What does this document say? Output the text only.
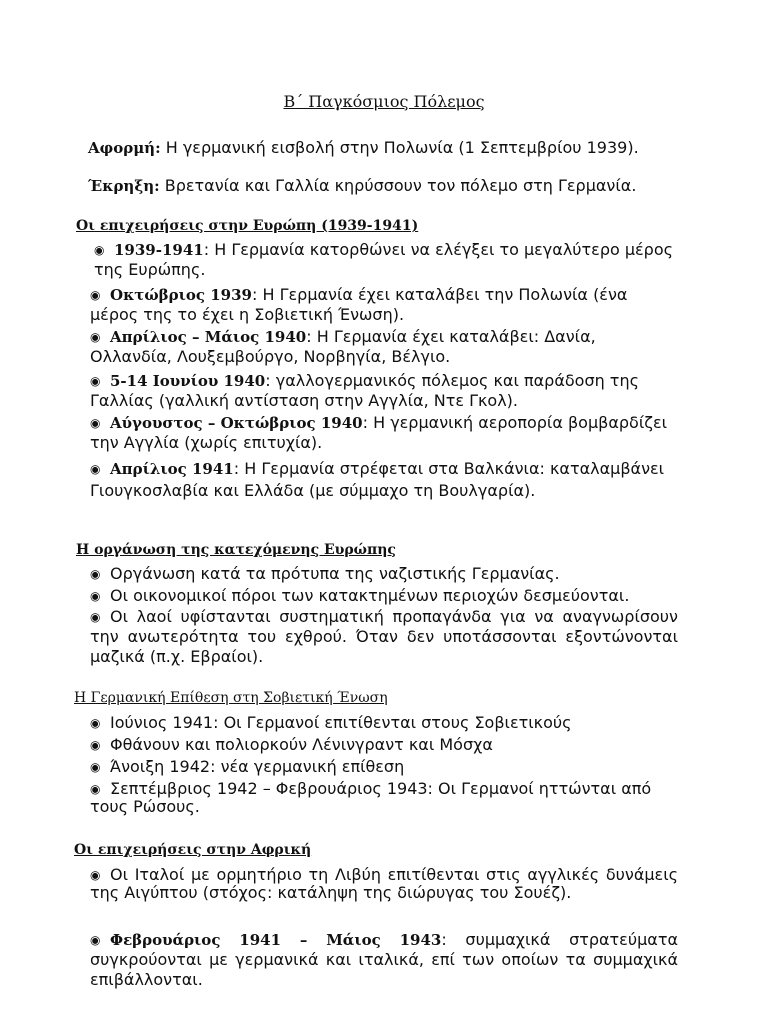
Β΄ Παγκόσμιος Πόλεμος
Αφορμή: Η γερμανική εισβολή στην Πολωνία (1 Σεπτεμβρίου 1939).
Έκρηξη: Βρετανία και Γαλλία κηρύσσουν τον πόλεμο στη Γερμανία.
Οι επιχειρήσεις στην Ευρώπη (1939-1941)
◉ 1939-1941: Η Γερμανία κατορθώνει να ελέγξει το μεγαλύτερο μέρος της Ευρώπης.
◉ Οκτώβριος 1939: Η Γερμανία έχει καταλάβει την Πολωνία (ένα μέρος της το έχει η Σοβιετική Ένωση).
◉ Απρίλιος – Μάιος 1940: Η Γερμανία έχει καταλάβει: Δανία, Ολλανδία, Λουξεμβούργο, Νορβηγία, Βέλγιο.
◉ 5-14 Ιουνίου 1940: γαλλογερμανικός πόλεμος και παράδοση της Γαλλίας (γαλλική αντίσταση στην Αγγλία, Ντε Γκολ).
◉ Αύγουστος – Οκτώβριος 1940: Η γερμανική αεροπορία βομβαρδίζει την Αγγλία (χωρίς επιτυχία).
◉ Απρίλιος 1941: Η Γερμανία στρέφεται στα Βαλκάνια: καταλαμβάνει Γιουγκοσλαβία και Ελλάδα (με σύμμαχο τη Βουλγαρία).
Η οργάνωση της κατεχόμενης Ευρώπης
◉ Οργάνωση κατά τα πρότυπα της ναζιστικής Γερμανίας.
◉ Οι οικονομικοί πόροι των κατακτημένων περιοχών δεσμεύονται.
◉ Οι λαοί υφίστανται συστηματική προπαγάνδα για να αναγνωρίσουν την ανωτερότητα του εχθρού. Όταν δεν υποτάσσονται εξοντώνονται μαζικά (π.χ. Εβραίοι).
Η Γερμανική Επίθεση στη Σοβιετική Ένωση
◉ Ιούνιος 1941: Οι Γερμανοί επιτίθενται στους Σοβιετικούς
◉ Φθάνουν και πολιορκούν Λένινγραντ και Μόσχα
◉ Άνοιξη 1942: νέα γερμανική επίθεση
◉ Σεπτέμβριος 1942 – Φεβρουάριος 1943: Οι Γερμανοί ηττώνται από τους Ρώσους.
Οι επιχειρήσεις στην Αφρική
◉ Οι Ιταλοί με ορμητήριο τη Λιβύη επιτίθενται στις αγγλικές δυνάμεις της Αιγύπτου (στόχος: κατάληψη της διώρυγας του Σουέζ).
◉ Φεβρουάριος 1941 – Μάιος 1943: συμμαχικά στρατεύματα συγκρούονται με γερμανικά και ιταλικά, επί των οποίων τα συμμαχικά επιβάλλονται.
